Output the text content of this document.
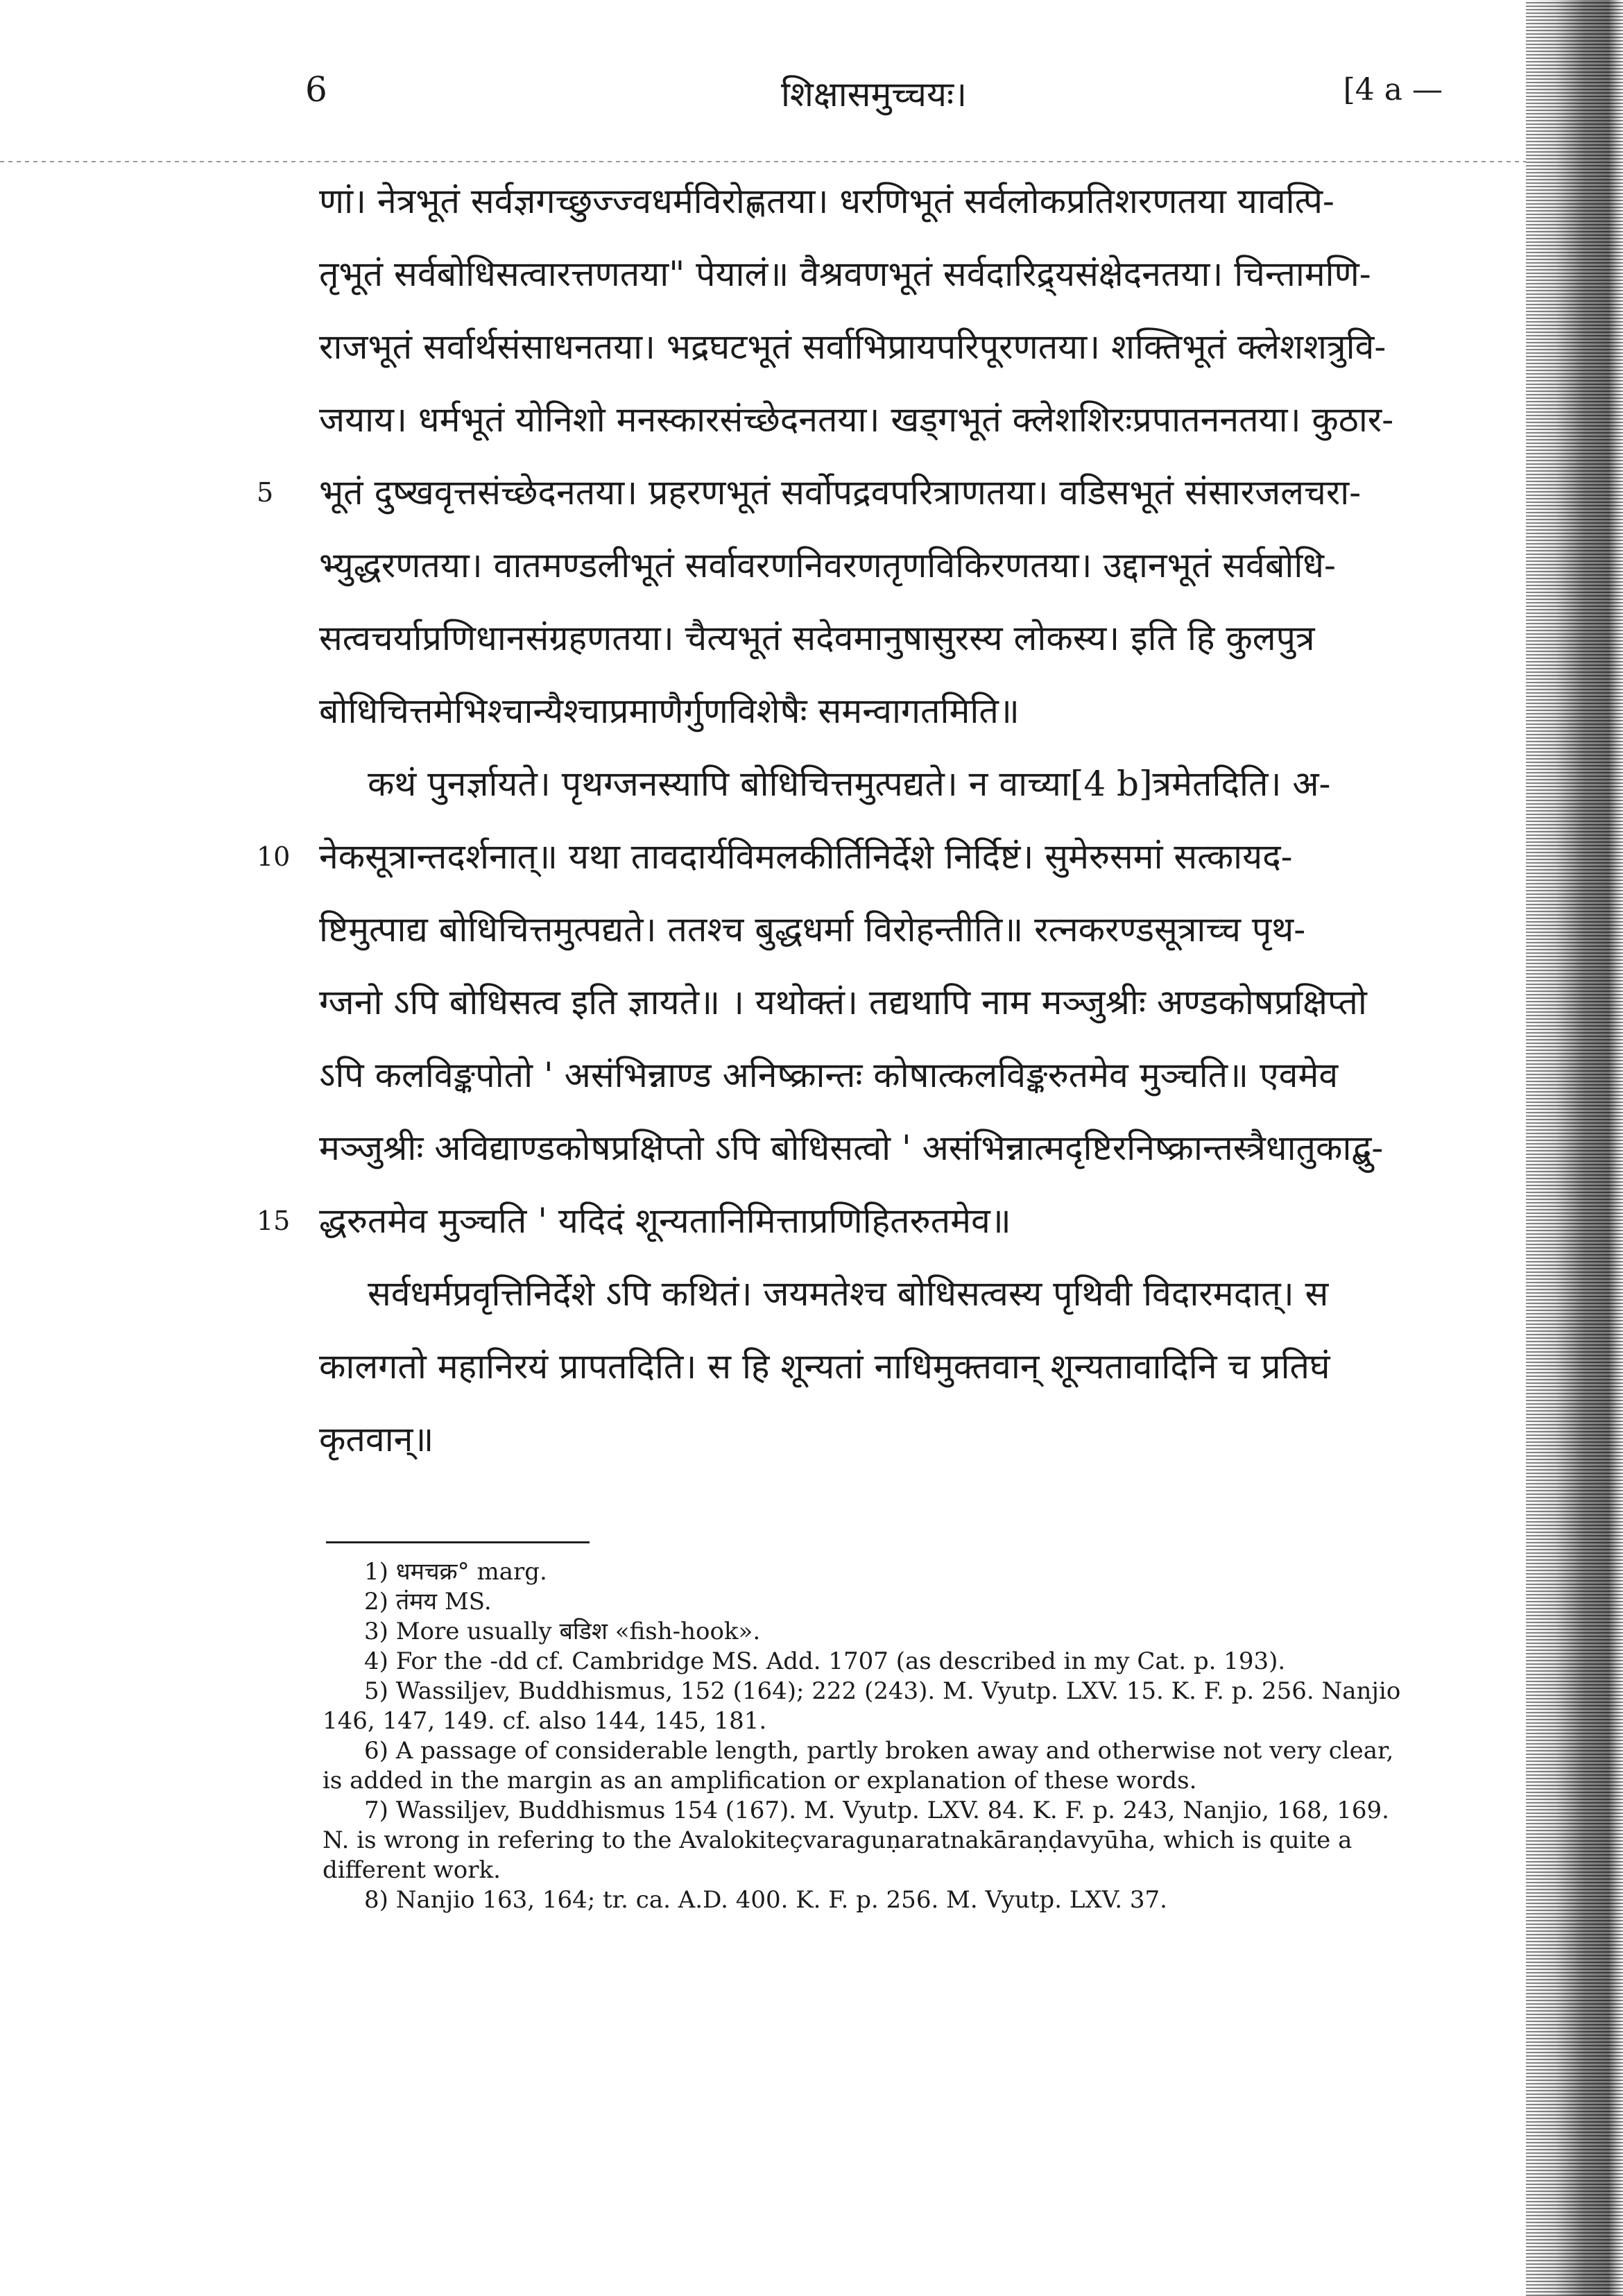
6	शिक्षासमुच्चयः।	[4 a —
णां। नेत्रभूतं सर्वज्ञगच्छुज्ज्वधर्मविरोह्णतया। धरणिभूतं सर्वलोकप्रतिशरणतया यावत्पि-
तृभूतं सर्वबोधिसत्वारत्तणतया" पेयालं॥ वैश्रवणभूतं सर्वदारिद्र्यसंक्षेदनतया। चिन्तामणि-
राजभूतं सर्वार्थसंसाधनतया। भद्रघटभूतं सर्वाभिप्रायपरिपूरणतया। शक्तिभूतं क्लेशशत्रुवि-
जयाय। धर्मभूतं योनिशो मनस्कारसंच्छेदनतया। खड्गभूतं क्लेशशिरःप्रपातननतया। कुठार-
5 भूतं दुष्खवृत्तसंच्छेदनतया। प्रहरणभूतं सर्वोपद्रवपरित्राणतया। वडिसभूतं संसारजलचरा-
भ्युद्धरणतया। वातमण्डलीभूतं सर्वावरणनिवरणतृणविकिरणतया। उद्दानभूतं सर्वबोधि-
सत्वचर्याप्रणिधानसंग्रहणतया। चैत्यभूतं सदेवमानुषासुरस्य लोकस्य। इति हि कुलपुत्र
बोधिचित्तमेभिश्चान्यैश्चाप्रमाणैर्गुणविशेषैः समन्वागतमिति॥
कथं पुनर्ज्ञायते। पृथग्जनस्यापि बोधिचित्तमुत्पद्यते। न वाच्या[4 b]त्रमेतदिति। अ-
10 नेकसूत्रान्तदर्शनात्॥ यथा तावदार्यविमलकीर्तिनिर्देशे निर्दिष्टं। सुमेरुसमां सत्कायद-
ष्टिमुत्पाद्य बोधिचित्तमुत्पद्यते। ततश्च बुद्धधर्मा विरोहन्तीति॥ रत्नकरण्डसूत्राच्च पृथ-
ग्जनो ऽपि बोधिसत्व इति ज्ञायते॥ । यथोक्तं। तद्यथापि नाम मञ्जुश्रीः अण्डकोषप्रक्षिप्तो
ऽपि कलविङ्कपोतो ' असंभिन्नाण्ड अनिष्क्रान्तः कोषात्कलविङ्करुतमेव मुञ्चति॥ एवमेव
मञ्जुश्रीः अविद्याण्डकोषप्रक्षिप्तो ऽपि बोधिसत्वो ' असंभिन्नात्मदृष्टिरनिष्क्रान्तस्त्रैधातुकाद्बु-
15 द्धरुतमेव मुञ्चति ' यदिदं शून्यतानिमित्ताप्रणिहितरुतमेव॥
सर्वधर्मप्रवृत्तिनिर्देशे ऽपि कथितं। जयमतेश्च बोधिसत्वस्य पृथिवी विदारमदात्। स
कालगतो महानिरयं प्रापतदिति। स हि शून्यतां नाधिमुक्तवान् शून्यतावादिनि च प्रतिघं
कृतवान्॥

1) धमचक्र° marg.

2) तंमय MS.

3) More usually बडिश «fish-hook».

4) For the -dd cf. Cambridge MS. Add. 1707 (as described in my Cat. p. 193).

5) Wassiljev, Buddhismus, 152 (164); 222 (243). M. Vyutp. LXV. 15. K. F. p. 256. Nanjio 146, 147, 149. cf. also 144, 145, 181.

6) A passage of considerable length, partly broken away and otherwise not very clear, is added in the margin as an amplification or explanation of these words.

7) Wassiljev, Buddhismus 154 (167). M. Vyutp. LXV. 84. K. F. p. 243, Nanjio, 168, 169. N. is wrong in refering to the Avalokiteçvaraguṇaratnakāraṇḍavyūha, which is quite a different work.

8) Nanjio 163, 164; tr. ca. A.D. 400. K. F. p. 256. M. Vyutp. LXV. 37.
